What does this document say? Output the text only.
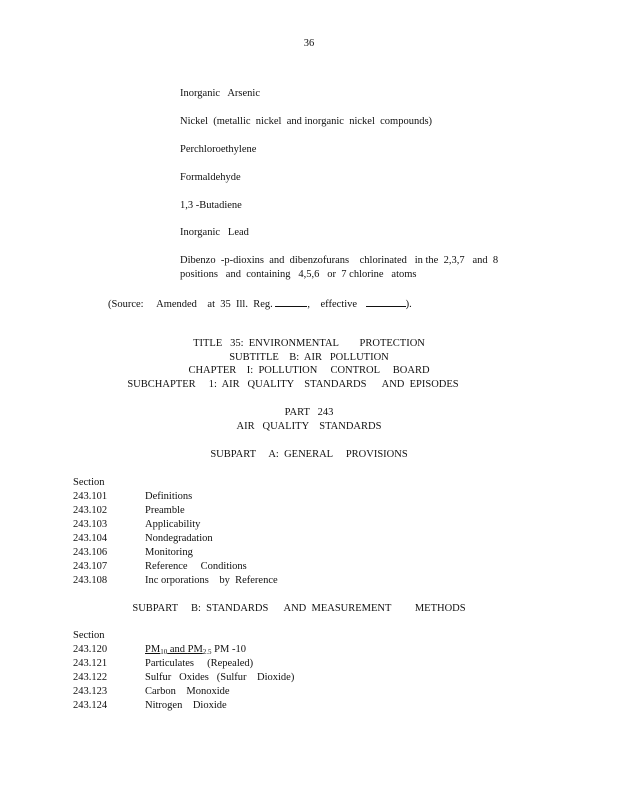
36
Inorganic   Arsenic
Nickel  (metallic  nickel  and inorganic  nickel  compounds)
Perchloroethylene
Formaldehyde
1,3 -Butadiene
Inorganic   Lead
Dibenzo  -p-dioxins  and  dibenzofurans    chlorinated   in the  2,3,7   and  8
positions   and  containing   4,5,6   or  7 chlorine   atoms
(Source:     Amended    at  35  Ill.  Reg.	,    effective	).
TITLE   35:  ENVIRONMENTAL        PROTECTION
SUBTITLE    B:  AIR   POLLUTION
CHAPTER    I:  POLLUTION     CONTROL     BOARD
SUBCHAPTER     1:  AIR   QUALITY    STANDARDS      AND  EPISODES
PART   243
AIR   QUALITY    STANDARDS
SUBPART     A:  GENERAL     PROVISIONS
Section
243.101	Definitions
243.102	Preamble
243.103	Applicability
243.104	Nondegradation
243.106	Monitoring
243.107	Reference     Conditions
243.108	Inc orporations    by  Reference
SUBPART     B:  STANDARDS      AND  MEASUREMENT         METHODS
Section
243.120	$PM_{10}$ and $PM_{2.5}$ PM -10
243.121	Particulates     (Repealed)
243.122	Sulfur   Oxides   (Sulfur    Dioxide)
243.123	Carbon    Monoxide
243.124	Nitrogen    Dioxide
